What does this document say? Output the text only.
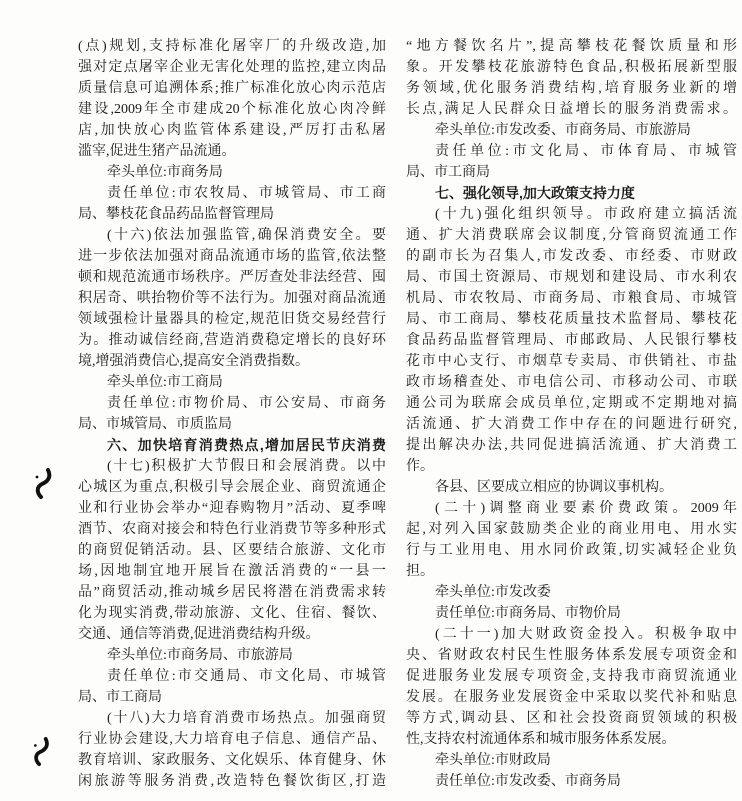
(点)规划,支持标准化屠宰厂的升级改造,加
强对定点屠宰企业无害化处理的监控,建立肉品
质量信息可追溯体系;推广标准化放心肉示范店
建设,2009年全市建成20个标准化放心肉冷鲜
店,加快放心肉监管体系建设,严厉打击私屠
滥宰,促进生猪产品流通。
牵头单位:市商务局
责任单位:市农牧局、市城管局、市工商
局、攀枝花食品药品监督管理局
(十六)依法加强监管,确保消费安全。要
进一步依法加强对商品流通市场的监管,依法整
顿和规范流通市场秩序。严厉查处非法经营、囤
积居奇、哄抬物价等不法行为。加强对商品流通
领域强检计量器具的检定,规范旧货交易经营行
为。推动诚信经商,营造消费稳定增长的良好环
境,增强消费信心,提高安全消费指数。
牵头单位:市工商局
责任单位:市物价局、市公安局、市商务
局、市城管局、市质监局
六、加快培育消费热点,增加居民节庆消费
(十七)积极扩大节假日和会展消费。以中
心城区为重点,积极引导会展企业、商贸流通企
业和行业协会举办“迎春购物月”活动、夏季啤
酒节、农商对接会和特色行业消费节等多种形式
的商贸促销活动。县、区要结合旅游、文化市
场,因地制宜地开展旨在激活消费的“一县一
品”商贸活动,推动城乡居民将潜在消费需求转
化为现实消费,带动旅游、文化、住宿、餐饮、
交通、通信等消费,促进消费结构升级。
牵头单位:市商务局、市旅游局
责任单位:市交通局、市文化局、市城管
局、市工商局
(十八)大力培育消费市场热点。加强商贸
行业协会建设,大力培育电子信息、通信产品、
教育培训、家政服务、文化娱乐、体育健身、休
闲旅游等服务消费,改造特色餐饮街区,打造
“地方餐饮名片”,提高攀枝花餐饮质量和形
象。开发攀枝花旅游特色食品,积极拓展新型服
务领域,优化服务消费结构,培育服务业新的增
长点,满足人民群众日益增长的服务消费需求。
牵头单位:市发改委、市商务局、市旅游局
责任单位:市文化局、市体育局、市城管
局、市工商局
七、强化领导,加大政策支持力度
(十九)强化组织领导。市政府建立搞活流
通、扩大消费联席会议制度,分管商贸流通工作
的副市长为召集人,市发改委、市经委、市财政
局、市国土资源局、市规划和建设局、市水利农
机局、市农牧局、市商务局、市粮食局、市城管
局、市工商局、攀枝花质量技术监督局、攀枝花
食品药品监督管理局、市邮政局、人民银行攀枝
花市中心支行、市烟草专卖局、市供销社、市盐
政市场稽查处、市电信公司、市移动公司、市联
通公司为联席会成员单位,定期或不定期地对搞
活流通、扩大消费工作中存在的问题进行研究,
提出解决办法,共同促进搞活流通、扩大消费工
作。
各县、区要成立相应的协调议事机构。
(二十)调整商业要素价费政策。2009年
起,对列入国家鼓励类企业的商业用电、用水实
行与工业用电、用水同价政策,切实减轻企业负
担。
牵头单位:市发改委
责任单位:市商务局、市物价局
(二十一)加大财政资金投入。积极争取中
央、省财政农村民生性服务体系发展专项资金和
促进服务业发展专项资金,支持我市商贸流通业
发展。在服务业发展资金中采取以奖代补和贴息
等方式,调动县、区和社会投资商贸领域的积极
性,支持农村流通体系和城市服务体系发展。
牵头单位:市财政局
责任单位:市发改委、市商务局
